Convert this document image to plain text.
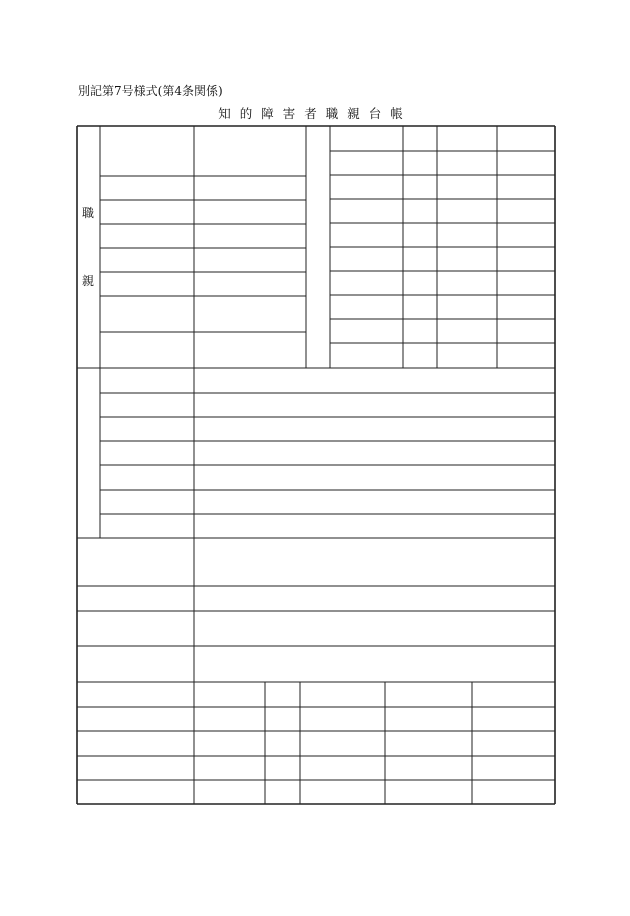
別記第7号様式(第4条関係)
知的障害者職親台帳
職
親
